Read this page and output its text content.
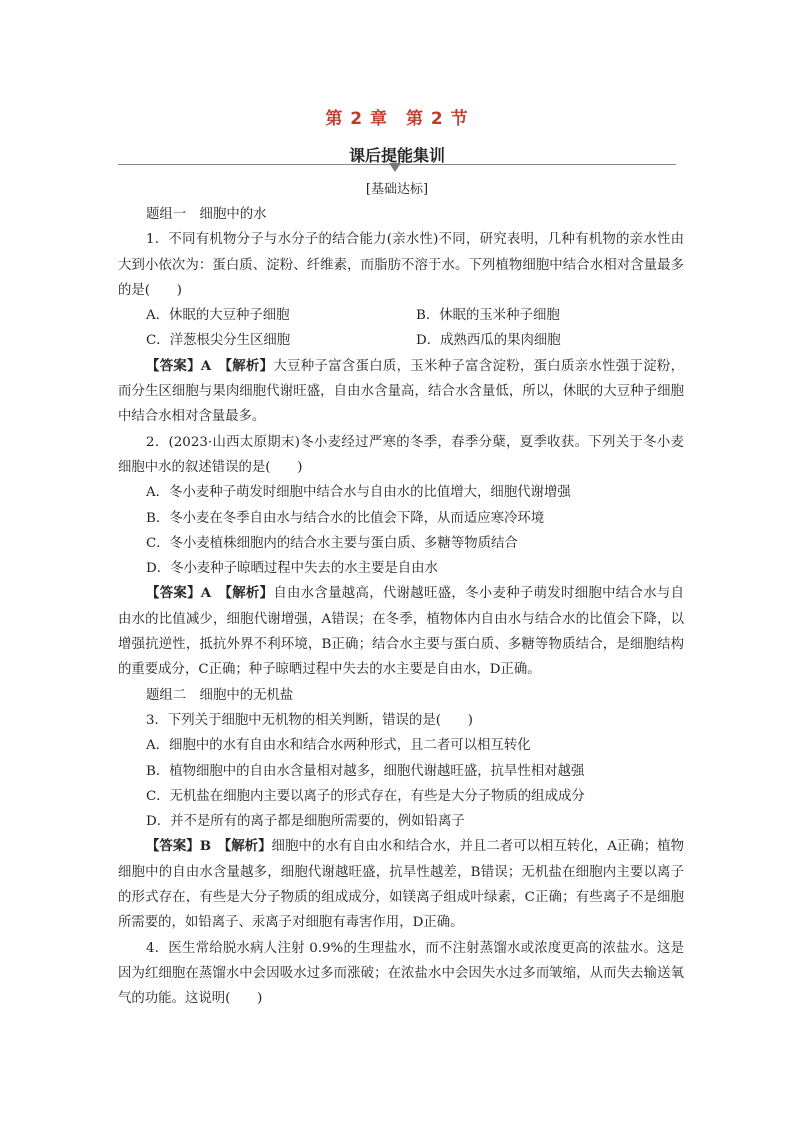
第 2 章　第 2 节
课后提能集训
[基础达标]

题组一　细胞中的水

1．不同有机物分子与水分子的结合能力(亲水性)不同，研究表明，几种有机物的亲水性由大到小依次为：蛋白质、淀粉、纤维素，而脂肪不溶于水。下列植物细胞中结合水相对含量最多的是(　　)

A．休眠的大豆种子细胞	B．休眠的玉米种子细胞
C．洋葱根尖分生区细胞	D．成熟西瓜的果肉细胞

【答案】A　【解析】大豆种子富含蛋白质，玉米种子富含淀粉，蛋白质亲水性强于淀粉，而分生区细胞与果肉细胞代谢旺盛，自由水含量高，结合水含量低，所以，休眠的大豆种子细胞中结合水相对含量最多。

2．(2023·山西太原期末)冬小麦经过严寒的冬季，春季分蘖，夏季收获。下列关于冬小麦细胞中水的叙述错误的是(　　)

A．冬小麦种子萌发时细胞中结合水与自由水的比值增大，细胞代谢增强
B．冬小麦在冬季自由水与结合水的比值会下降，从而适应寒冷环境
C．冬小麦植株细胞内的结合水主要与蛋白质、多糖等物质结合
D．冬小麦种子晾晒过程中失去的水主要是自由水

【答案】A　【解析】自由水含量越高，代谢越旺盛，冬小麦种子萌发时细胞中结合水与自由水的比值减少，细胞代谢增强，A错误；在冬季，植物体内自由水与结合水的比值会下降，以增强抗逆性，抵抗外界不利环境，B正确；结合水主要与蛋白质、多糖等物质结合，是细胞结构的重要成分，C正确；种子晾晒过程中失去的水主要是自由水，D正确。

题组二　细胞中的无机盐

3．下列关于细胞中无机物的相关判断，错误的是(　　)

A．细胞中的水有自由水和结合水两种形式，且二者可以相互转化
B．植物细胞中的自由水含量相对越多，细胞代谢越旺盛，抗旱性相对越强
C．无机盐在细胞内主要以离子的形式存在，有些是大分子物质的组成成分
D．并不是所有的离子都是细胞所需要的，例如铅离子

【答案】B　【解析】细胞中的水有自由水和结合水，并且二者可以相互转化，A正确；植物细胞中的自由水含量越多，细胞代谢越旺盛，抗旱性越差，B错误；无机盐在细胞内主要以离子的形式存在，有些是大分子物质的组成成分，如镁离子组成叶绿素，C正确；有些离子不是细胞所需要的，如铅离子、汞离子对细胞有毒害作用，D正确。

4．医生常给脱水病人注射 0.9%的生理盐水，而不注射蒸馏水或浓度更高的浓盐水。这是因为红细胞在蒸馏水中会因吸水过多而涨破；在浓盐水中会因失水过多而皱缩，从而失去输送氧气的功能。这说明(　　)
